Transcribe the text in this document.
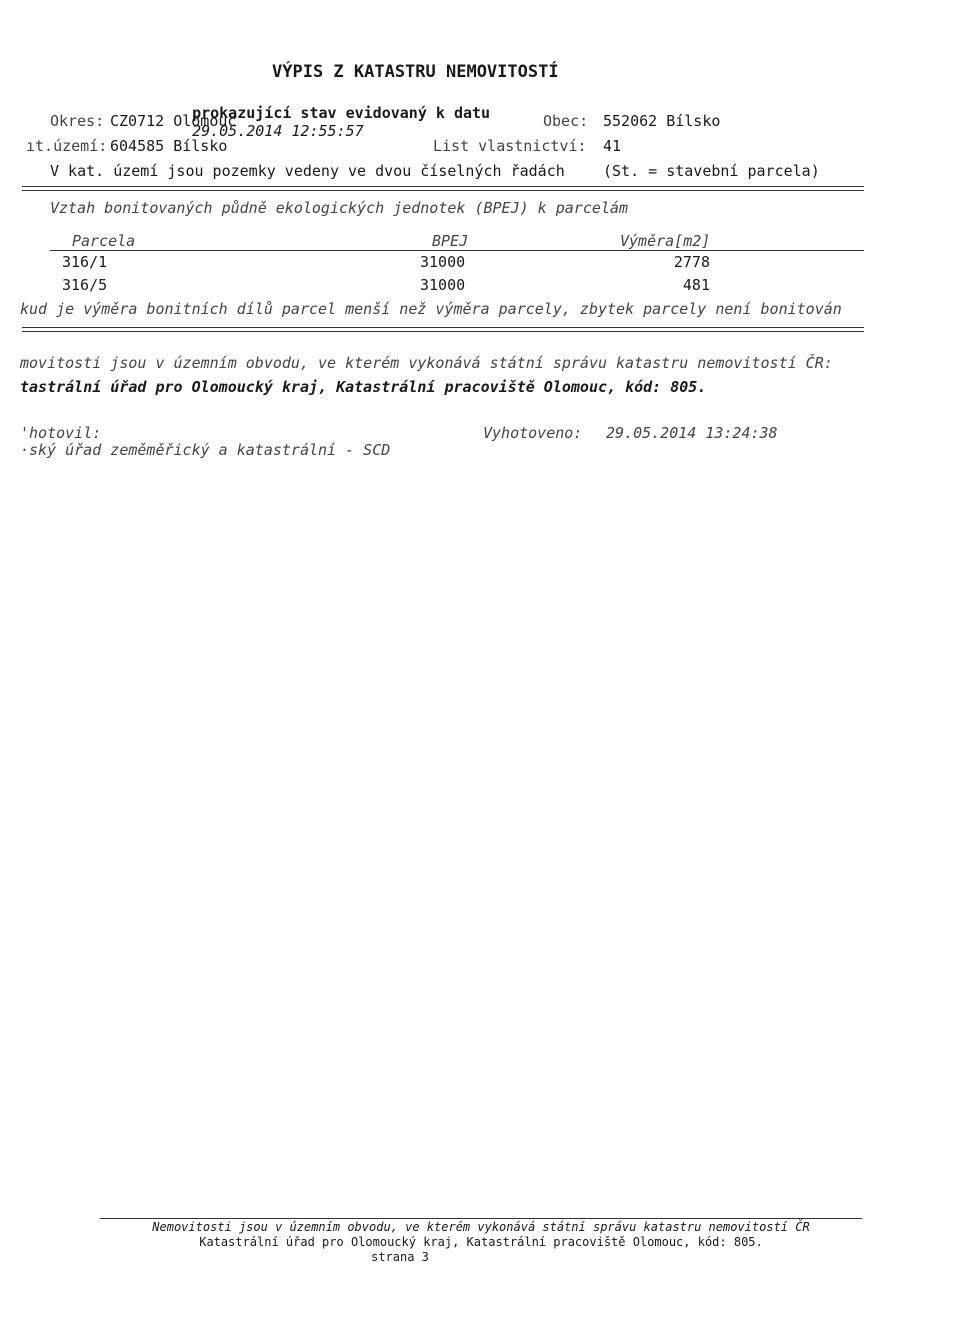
VÝPIS Z KATASTRU NEMOVITOSTÍ

prokazující stav evidovaný k datu
29.05.2014 12:55:57

Okres: CZ0712 Olomouc	Obec: 552062 Bílsko
ıt.území: 604585 Bílsko	List vlastnictví: 41
V kat. území jsou pozemky vedeny ve dvou číselných řadách	(St. = stavební parcela)
Vztah bonitovaných půdně ekologických jednotek (BPEJ) k parcelám
Parcela	BPEJ	Výměra[m2]
316/1	31000	2778
316/5	31000	481
kud je výměra bonitních dílů parcel menší než výměra parcely, zbytek parcely není bonitován
movitosti jsou v územním obvodu, ve kterém vykonává státní správu katastru nemovitostí ČR:
tastrální úřad pro Olomoucký kraj, Katastrální pracoviště Olomouc, kód: 805.
'hotovil:
·ský úřad zeměměřický a katastrální - SCD
Vyhotoveno: 29.05.2014 13:24:38
Nemovitosti jsou v územním obvodu, ve kterém vykonává státní správu katastru nemovitostí ČR
Katastrální úřad pro Olomoucký kraj, Katastrální pracoviště Olomouc, kód: 805.
strana 3
